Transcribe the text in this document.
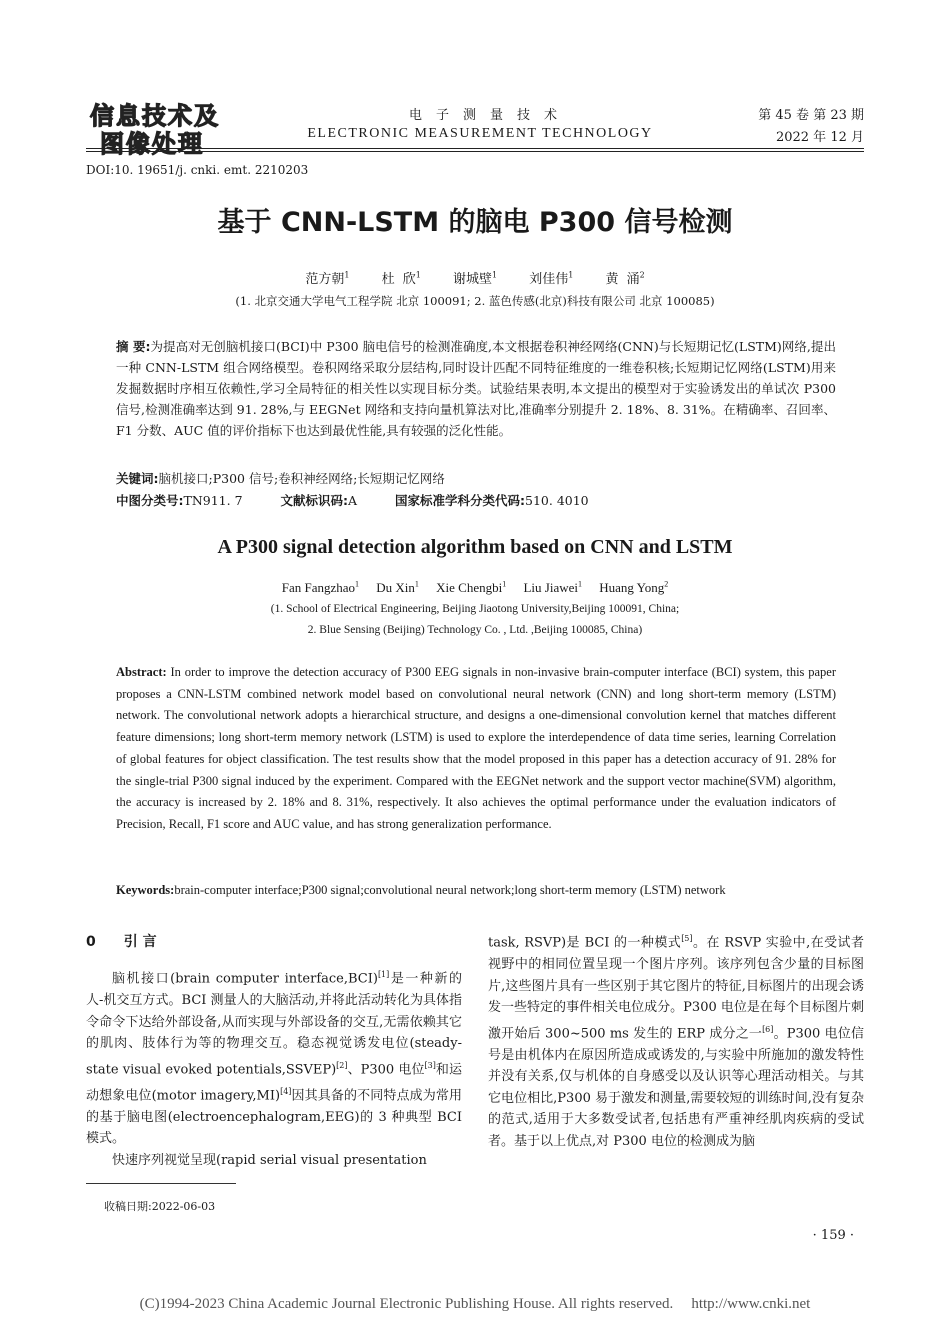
信息技术及
图像处理
电子测量技术
ELECTRONIC MEASUREMENT TECHNOLOGY
第 45 卷 第 23 期
2022 年 12 月
DOI:10. 19651/j. cnki. emt. 2210203
基于 CNN-LSTM 的脑电 P300 信号检测
范方朝$^1$ 杜 欣$^1$ 谢城壁$^1$ 刘佳伟$^1$ 黄 涌$^2$
(1. 北京交通大学电气工程学院 北京 100091; 2. 蓝色传感(北京)科技有限公司 北京 100085)
摘 要:为提高对无创脑机接口(BCI)中 P300 脑电信号的检测准确度,本文根据卷积神经网络(CNN)与长短期记忆(LSTM)网络,提出一种 CNN-LSTM 组合网络模型。卷积网络采取分层结构,同时设计匹配不同特征维度的一维卷积核;长短期记忆网络(LSTM)用来发掘数据时序相互依赖性,学习全局特征的相关性以实现目标分类。试验结果表明,本文提出的模型对于实验诱发出的单试次 P300 信号,检测准确率达到 91. 28%,与 EEGNet 网络和支持向量机算法对比,准确率分别提升 2. 18%、8. 31%。在精确率、召回率、F1 分数、AUC 值的评价指标下也达到最优性能,具有较强的泛化性能。
关键词:脑机接口;P300 信号;卷积神经网络;长短期记忆网络
中图分类号:TN911. 7	文献标识码:A	国家标准学科分类代码:510. 4010
A P300 signal detection algorithm based on CNN and LSTM
Fan Fangzhao$^1$ Du Xin$^1$ Xie Chengbi$^1$ Liu Jiawei$^1$ Huang Yong$^2$
(1. School of Electrical Engineering, Beijing Jiaotong University,Beijing 100091, China;
2. Blue Sensing (Beijing) Technology Co. , Ltd. ,Beijing 100085, China)
Abstract: In order to improve the detection accuracy of P300 EEG signals in non-invasive brain-computer interface (BCI) system, this paper proposes a CNN-LSTM combined network model based on convolutional neural network (CNN) and long short-term memory (LSTM) network. The convolutional network adopts a hierarchical structure, and designs a one-dimensional convolution kernel that matches different feature dimensions; long short-term memory network (LSTM) is used to explore the interdependence of data time series, learning Correlation of global features for object classification. The test results show that the model proposed in this paper has a detection accuracy of 91. 28% for the single-trial P300 signal induced by the experiment. Compared with the EEGNet network and the support vector machine(SVM) algorithm, the accuracy is increased by 2. 18% and 8. 31%, respectively. It also achieves the optimal performance under the evaluation indicators of Precision, Recall, F1 score and AUC value, and has strong generalization performance.
Keywords:brain-computer interface;P300 signal;convolutional neural network;long short-term memory (LSTM) network
0 引 言

脑机接口(brain computer interface,BCI)[1]是一种新的人-机交互方式。BCI 测量人的大脑活动,并将此活动转化为具体指令命令下达给外部设备,从而实现与外部设备的交互,无需依赖其它的肌肉、肢体行为等的物理交互。稳态视觉诱发电位(steady-state visual evoked potentials,SSVEP)[2]、P300 电位[3]和运动想象电位(motor imagery,MI)[4]因其具备的不同特点成为常用的基于脑电图(electroencephalogram,EEG)的 3 种典型 BCI 模式。

快速序列视觉呈现(rapid serial visual presentation

task, RSVP)是 BCI 的一种模式[5]。在 RSVP 实验中,在受试者视野中的相同位置呈现一个图片序列。该序列包含少量的目标图片,这些图片具有一些区别于其它图片的特征,目标图片的出现会诱发一些特定的事件相关电位成分。P300 电位是在每个目标图片刺激开始后 300~500 ms 发生的 ERP 成分之一[6]。P300 电位信号是由机体内在原因所造成或诱发的,与实验中所施加的激发特性并没有关系,仅与机体的自身感受以及认识等心理活动相关。与其它电位相比,P300 易于激发和测量,需要较短的训练时间,没有复杂的范式,适用于大多数受试者,包括患有严重神经肌肉疾病的受试者。基于以上优点,对 P300 电位的检测成为脑

收稿日期:2022-06-03
· 159 ·
(C)1994-2023 China Academic Journal Electronic Publishing House. All rights reserved. http://www.cnki.net
